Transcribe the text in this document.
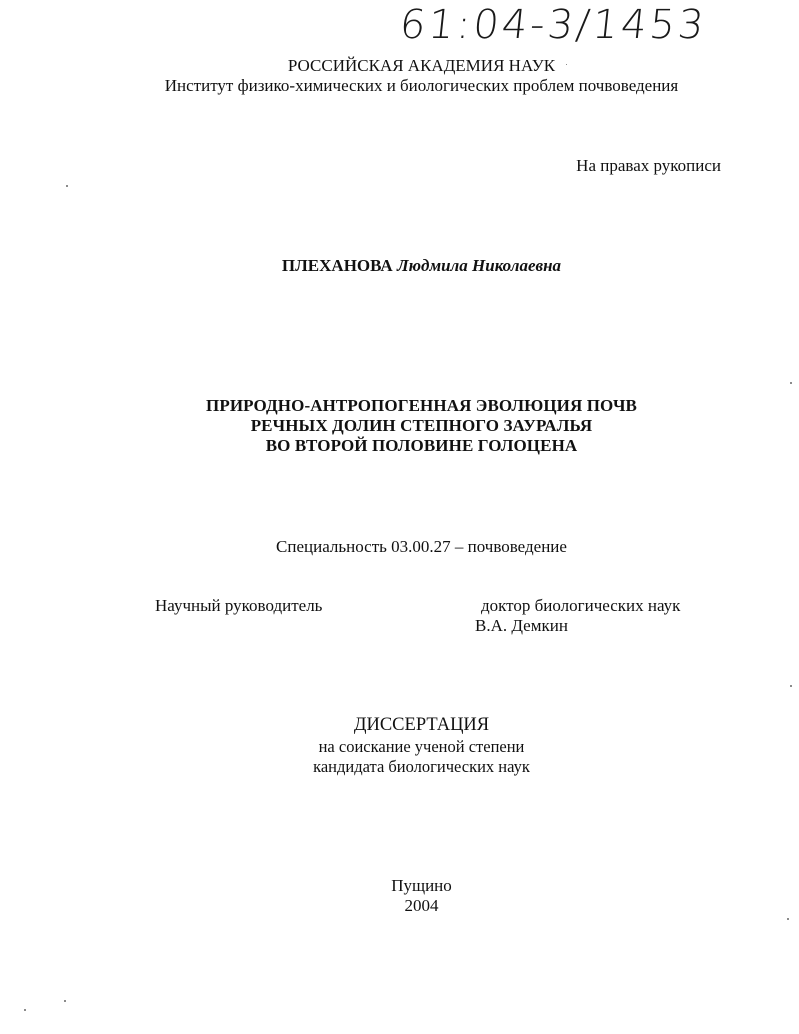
61:04-3/1453
РОССИЙСКАЯ АКАДЕМИЯ НАУК
Институт физико-химических и биологических проблем почвоведения
На правах рукописи
ПЛЕХАНОВА Людмила Николаевна
ПРИРОДНО-АНТРОПОГЕННАЯ ЭВОЛЮЦИЯ ПОЧВ
РЕЧНЫХ ДОЛИН СТЕПНОГО ЗАУРАЛЬЯ
ВО ВТОРОЙ ПОЛОВИНЕ ГОЛОЦЕНА
Специальность 03.00.27 – почвоведение
Научный руководитель	доктор биологических наук
В.А. Демкин
ДИССЕРТАЦИЯ
на соискание ученой степени
кандидата биологических наук
Пущино
2004
